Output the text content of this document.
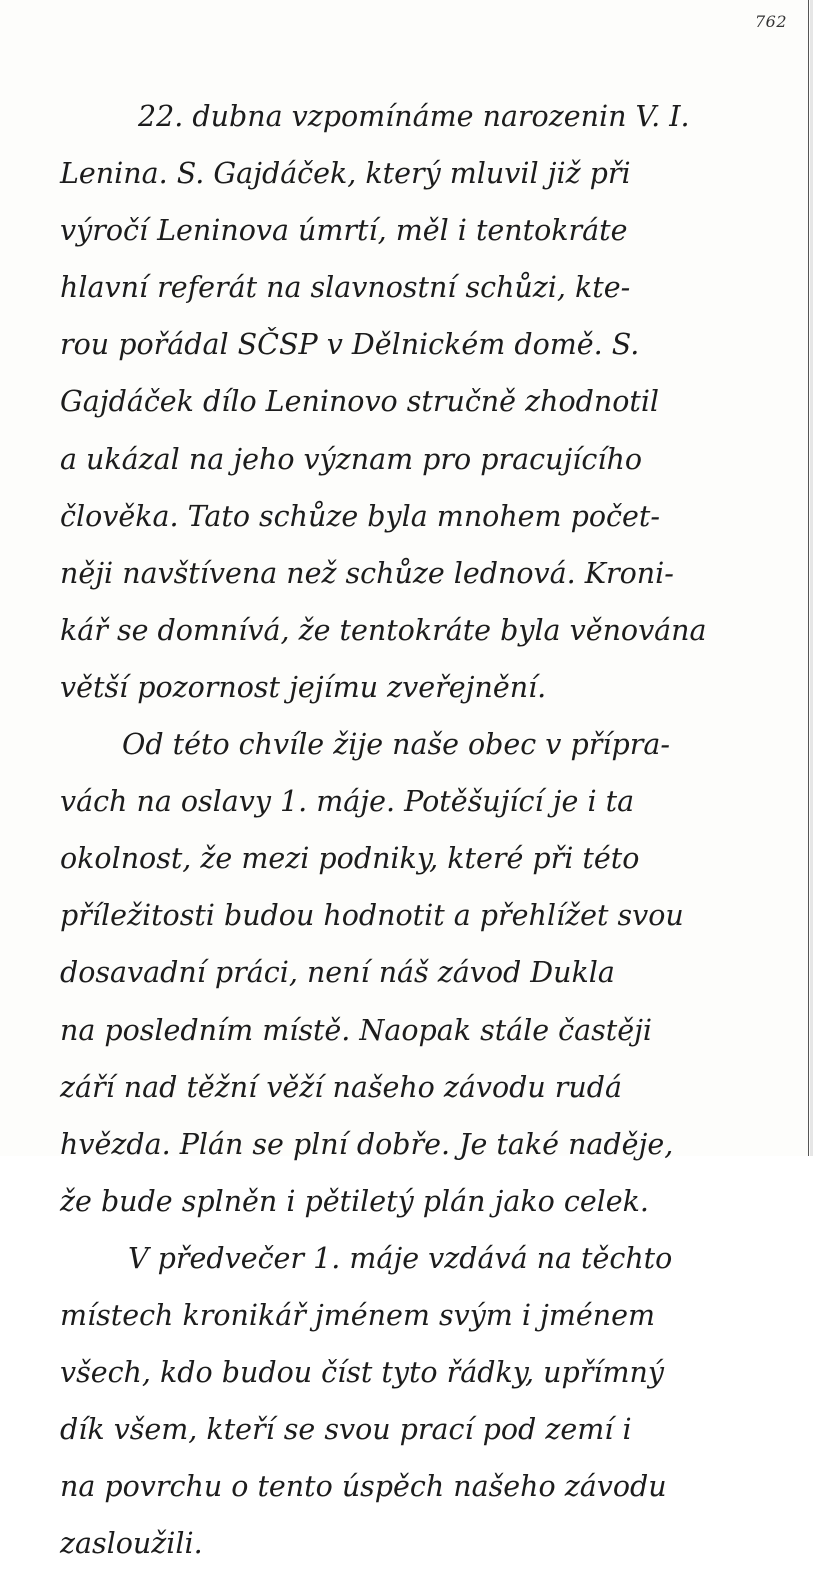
762
22. dubna vzpomínáme narozenin V. I.
Lenina. S. Gajdáček, který mluvil již při
výročí Leninova úmrtí, měl i tentokráte
hlavní referát na slavnostní schůzi, kte-
rou pořádal SČSP v Dělnickém domě. S.
Gajdáček dílo Leninovo stručně zhodnotil
a ukázal na jeho význam pro pracujícího
člověka. Tato schůze byla mnohem počet-
něji navštívena než schůze lednová. Kroni-
kář se domnívá, že tentokráte byla věnována
větší pozornost jejímu zveřejnění.
Od této chvíle žije naše obec v přípra-
vách na oslavy 1. máje. Potěšující je i ta
okolnost, že mezi podniky, které při této
příležitosti budou hodnotit a přehlížet svou
dosavadní práci, není náš závod Dukla
na posledním místě. Naopak stále častěji
září nad těžní věží našeho závodu rudá
hvězda. Plán se plní dobře. Je také naděje,
že bude splněn i pětiletý plán jako celek.
V předvečer 1. máje vzdává na těchto
místech kronikář jménem svým i jménem
všech, kdo budou číst tyto řádky, upřímný
dík všem, kteří se svou prací pod zemí i
na povrchu o tento úspěch našeho závodu
zasloužili.
